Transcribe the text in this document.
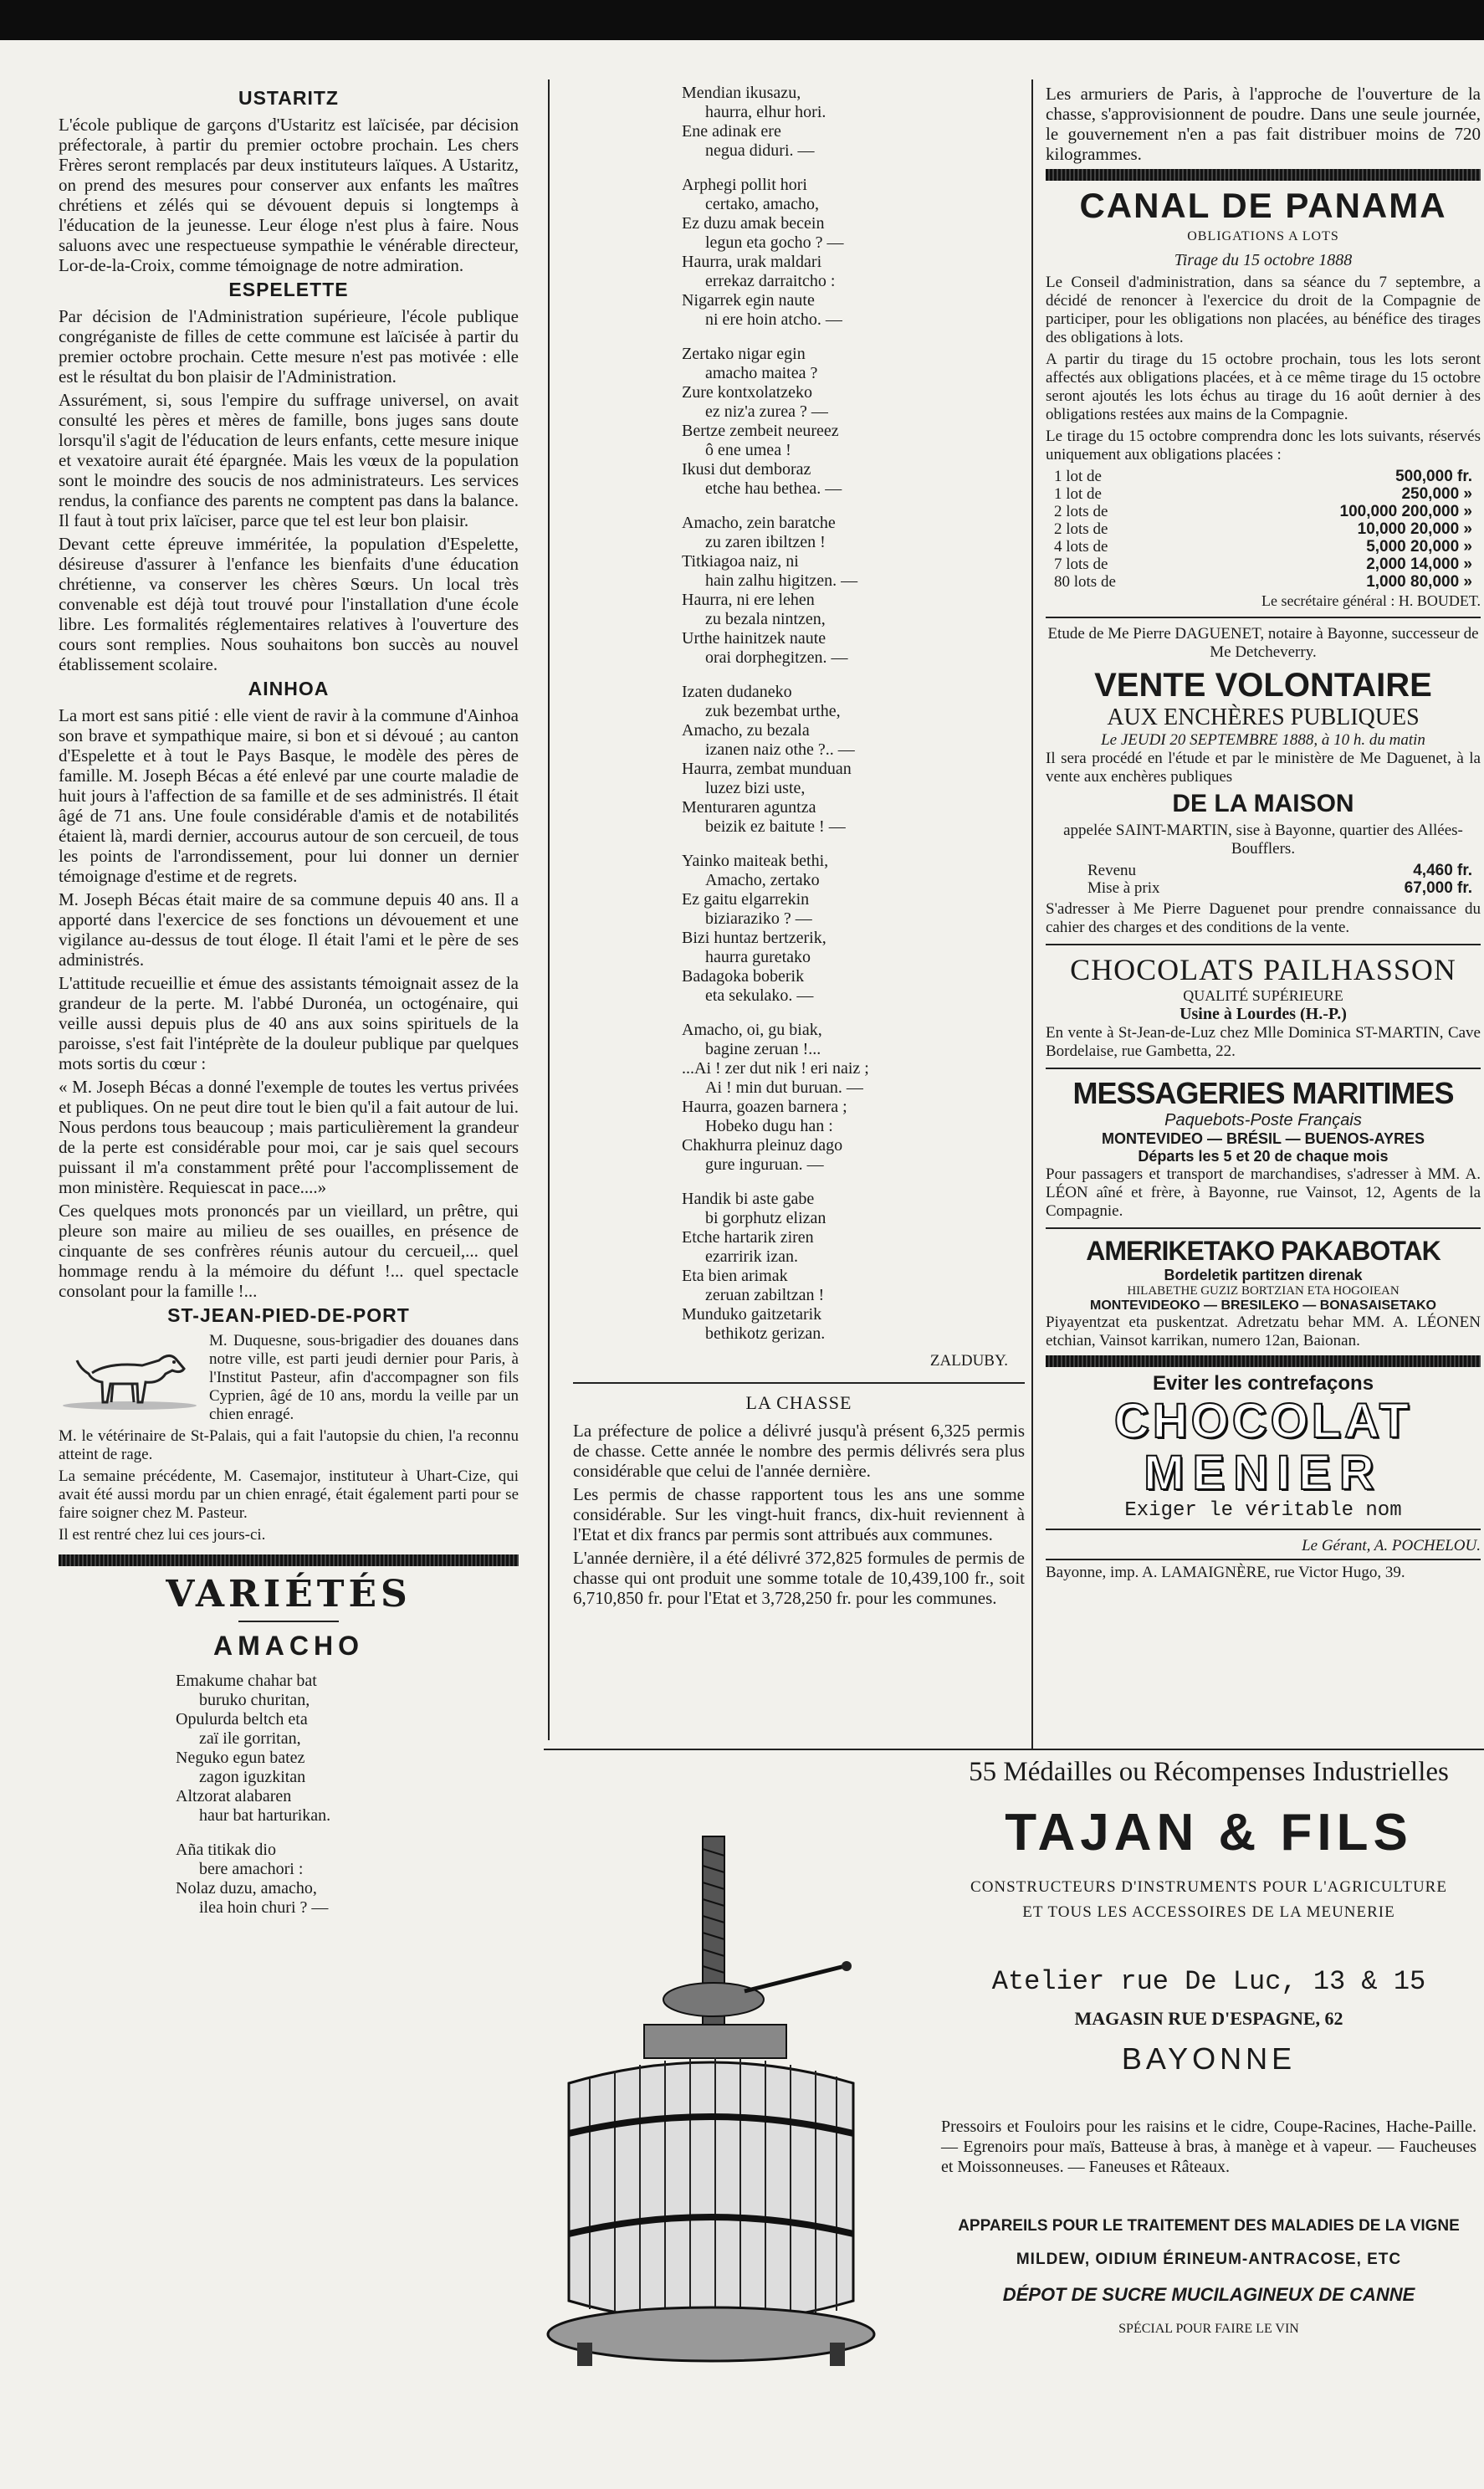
USTARITZ

L'école publique de garçons d'Ustaritz est laïcisée, par décision préfectorale, à partir du premier octobre prochain. Les chers Frères seront remplacés par deux instituteurs laïques. A Ustaritz, on prend des mesures pour conserver aux enfants les maîtres chrétiens et zélés qui se dévouent depuis si longtemps à l'éducation de la jeunesse. Leur éloge n'est plus à faire. Nous saluons avec une respectueuse sympathie le vénérable directeur, Lor-de-la-Croix, comme témoignage de notre admiration.

ESPELETTE

Par décision de l'Administration supérieure, l'école publique congréganiste de filles de cette commune est laïcisée à partir du premier octobre prochain. Cette mesure n'est pas motivée : elle est le résultat du bon plaisir de l'Administration.

Assurément, si, sous l'empire du suffrage universel, on avait consulté les pères et mères de famille, bons juges sans doute lorsqu'il s'agit de l'éducation de leurs enfants, cette mesure inique et vexatoire aurait été épargnée. Mais les vœux de la population sont le moindre des soucis de nos administrateurs. Les services rendus, la confiance des parents ne comptent pas dans la balance. Il faut à tout prix laïciser, parce que tel est leur bon plaisir.

Devant cette épreuve imméritée, la population d'Espelette, désireuse d'assurer à l'enfance les bienfaits d'une éducation chrétienne, va conserver les chères Sœurs. Un local très convenable est déjà tout trouvé pour l'installation d'une école libre. Les formalités réglementaires relatives à l'ouverture des cours sont remplies. Nous souhaitons bon succès au nouvel établissement scolaire.

AINHOA

La mort est sans pitié : elle vient de ravir à la commune d'Ainhoa son brave et sympathique maire, si bon et si dévoué ; au canton d'Espelette et à tout le Pays Basque, le modèle des pères de famille. M. Joseph Bécas a été enlevé par une courte maladie de huit jours à l'affection de sa famille et de ses administrés. Il était âgé de 71 ans. Une foule considérable d'amis et de notabilités étaient là, mardi dernier, accourus autour de son cercueil, de tous les points de l'arrondissement, pour lui donner un dernier témoignage d'estime et de regrets.

M. Joseph Bécas était maire de sa commune depuis 40 ans. Il a apporté dans l'exercice de ses fonctions un dévouement et une vigilance au-dessus de tout éloge. Il était l'ami et le père de ses administrés.

L'attitude recueillie et émue des assistants témoignait assez de la grandeur de la perte. M. l'abbé Duronéa, un octogénaire, qui veille aussi depuis plus de 40 ans aux soins spirituels de la paroisse, s'est fait l'intéprète de la douleur publique par quelques mots sortis du cœur :

« M. Joseph Bécas a donné l'exemple de toutes les vertus privées et publiques. On ne peut dire tout le bien qu'il a fait autour de lui. Nous perdons tous beaucoup ; mais particulièrement la grandeur de la perte est considérable pour moi, car je sais quel secours puissant il m'a constamment prêté pour l'accomplissement de mon ministère. Requiescat in pace....»

Ces quelques mots prononcés par un vieillard, un prêtre, qui pleure son maire au milieu de ses ouailles, en présence de cinquante de ses confrères réunis autour du cercueil,... quel hommage rendu à la mémoire du défunt !... quel spectacle consolant pour la famille !...

ST-JEAN-PIED-DE-PORT

M. Duquesne, sous-brigadier des douanes dans notre ville, est parti jeudi dernier pour Paris, à l'Institut Pasteur, afin d'accompagner son fils Cyprien, âgé de 10 ans, mordu la veille par un chien enragé.

M. le vétérinaire de St-Palais, qui a fait l'autopsie du chien, l'a reconnu atteint de rage.

La semaine précédente, M. Casemajor, instituteur à Uhart-Cize, qui avait été aussi mordu par un chien enragé, était également parti pour se faire soigner chez M. Pasteur.

Il est rentré chez lui ces jours-ci.

VARIÉTÉS
AMACHO
Emakume chahar bat
buruko churitan,
Opulurda beltch eta
zaï ile gorritan,
Neguko egun batez
zagon iguzkitan
Altzorat alabaren
haur bat harturikan.
Aña titikak dio
bere amachori :
Nolaz duzu, amacho,
ilea hoin churi ? —
Mendian ikusazu,
haurra, elhur hori.
Ene adinak ere
negua diduri. —
Arphegi pollit hori
certako, amacho,
Ez duzu amak becein
legun eta gocho ? —
Haurra, urak maldari
errekaz darraitcho :
Nigarrek egin naute
ni ere hoin atcho. —
Zertako nigar egin
amacho maitea ?
Zure kontxolatzeko
ez niz'a zurea ? —
Bertze zembeit neureez
ô ene umea !
Ikusi dut demboraz
etche hau bethea. —
Amacho, zein baratche
zu zaren ibiltzen !
Titkiagoa naiz, ni
hain zalhu higitzen. —
Haurra, ni ere lehen
zu bezala nintzen,
Urthe hainitzek naute
orai dorphegitzen. —
Izaten dudaneko
zuk bezembat urthe,
Amacho, zu bezala
izanen naiz othe ?.. —
Haurra, zembat munduan
luzez bizi uste,
Menturaren aguntza
beizik ez baitute ! —
Yainko maiteak bethi,
Amacho, zertako
Ez gaitu elgarrekin
biziaraziko ? —
Bizi huntaz bertzerik,
haurra guretako
Badagoka boberik
eta sekulako. —
Amacho, oi, gu biak,
bagine zeruan !...
...Ai ! zer dut nik ! eri naiz ;
Ai ! min dut buruan. —
Haurra, goazen barnera ;
Hobeko dugu han :
Chakhurra pleinuz dago
gure inguruan. —
Handik bi aste gabe
bi gorphutz elizan
Etche hartarik ziren
ezarririk izan.
Eta bien arimak
zeruan zabiltzan !
Munduko gaitzetarik
bethikotz gerizan.
ZALDUBY.
LA CHASSE

La préfecture de police a délivré jusqu'à présent 6,325 permis de chasse. Cette année le nombre des permis délivrés sera plus considérable que celui de l'année dernière.

Les permis de chasse rapportent tous les ans une somme considérable. Sur les vingt-huit francs, dix-huit reviennent à l'Etat et dix francs par permis sont attribués aux communes.

L'année dernière, il a été délivré 372,825 formules de permis de chasse qui ont produit une somme totale de 10,439,100 fr., soit 6,710,850 fr. pour l'Etat et 3,728,250 fr. pour les communes.

Les armuriers de Paris, à l'approche de l'ouverture de la chasse, s'approvisionnent de poudre. Dans une seule journée, le gouvernement n'en a pas fait distribuer moins de 720 kilogrammes.

CANAL DE PANAMA
OBLIGATIONS A LOTS
Tirage du 15 octobre 1888

Le Conseil d'administration, dans sa séance du 7 septembre, a décidé de renoncer à l'exercice du droit de la Compagnie de participer, pour les obligations non placées, au bénéfice des tirages des obligations à lots.

A partir du tirage du 15 octobre prochain, tous les lots seront affectés aux obligations placées, et à ce même tirage du 15 octobre seront ajoutés les lots échus au tirage du 16 août dernier à des obligations restées aux mains de la Compagnie.

Le tirage du 15 octobre comprendra donc les lots suivants, réservés uniquement aux obligations placées :

1 lot de	500,000 fr.
1 lot de	250,000 »
2 lots de	100,000 200,000 »
2 lots de	10,000 20,000 »
4 lots de	5,000 20,000 »
7 lots de	2,000 14,000 »
80 lots de	1,000 80,000 »
Le secrétaire général : H. BOUDET.
Etude de Me Pierre DAGUENET, notaire à Bayonne, successeur de Me Detcheverry.
VENTE VOLONTAIRE
AUX ENCHÈRES PUBLIQUES
Le JEUDI 20 SEPTEMBRE 1888, à 10 h. du matin

Il sera procédé en l'étude et par le ministère de Me Daguenet, à la vente aux enchères publiques

DE LA MAISON

appelée SAINT-MARTIN, sise à Bayonne, quartier des Allées-Boufflers.

Revenu	4,460 fr.
Mise à prix	67,000 fr.

S'adresser à Me Pierre Daguenet pour prendre connaissance du cahier des charges et des conditions de la vente.

CHOCOLATS PAILHASSON
QUALITÉ SUPÉRIEURE
Usine à Lourdes (H.-P.)

En vente à St-Jean-de-Luz chez Mlle Dominica ST-MARTIN, Cave Bordelaise, rue Gambetta, 22.

MESSAGERIES MARITIMES
Paquebots-Poste Français
MONTEVIDEO — BRÉSIL — BUENOS-AYRES
Départs les 5 et 20 de chaque mois

Pour passagers et transport de marchandises, s'adresser à MM. A. LÉON aîné et frère, à Bayonne, rue Vainsot, 12, Agents de la Compagnie.

AMERIKETAKO PAKABOTAK
Bordeletik partitzen direnak
HILABETHE GUZIZ BORTZIAN ETA HOGOIEAN
MONTEVIDEOKO — BRESILEKO — BONASAISETAKO

Piyayentzat eta puskentzat. Adretzatu behar MM. A. LÉONEN etchian, Vainsot karrikan, numero 12an, Baionan.

Eviter les contrefaçons
CHOCOLAT
MENIER
Exiger le véritable nom
Le Gérant, A. POCHELOU.
Bayonne, imp. A. LAMAIGNÈRE, rue Victor Hugo, 39.
55 Médailles ou Récompenses Industrielles
TAJAN & FILS
CONSTRUCTEURS D'INSTRUMENTS POUR L'AGRICULTURE
ET TOUS LES ACCESSOIRES DE LA MEUNERIE
Atelier rue De Luc, 13 & 15
MAGASIN RUE D'ESPAGNE, 62
BAYONNE
Pressoirs et Fouloirs pour les raisins et le cidre, Coupe-Racines, Hache-Paille. — Egrenoirs pour maïs, Batteuse à bras, à manège et à vapeur. — Faucheuses et Moissonneuses. — Faneuses et Râteaux.
APPAREILS POUR LE TRAITEMENT DES MALADIES DE LA VIGNE
MILDEW, OIDIUM ÉRINEUM-ANTRACOSE, ETC
DÉPOT DE SUCRE MUCILAGINEUX DE CANNE
SPÉCIAL POUR FAIRE LE VIN
